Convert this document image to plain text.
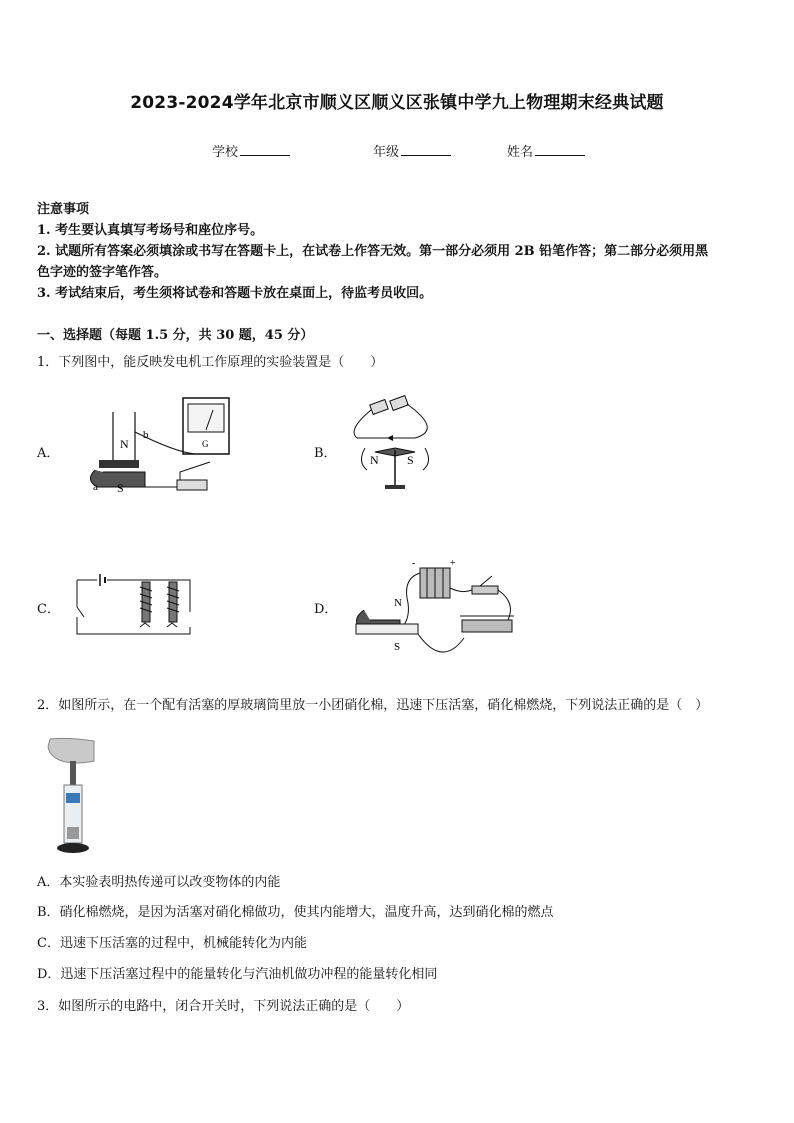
2023-2024学年北京市顺义区顺义区张镇中学九上物理期末经典试题
学校	年级	姓名
注意事项
1. 考生要认真填写考场号和座位序号。
2. 试题所有答案必须填涂或书写在答题卡上，在试卷上作答无效。第一部分必须用 2B 铅笔作答；第二部分必须用黑
色字迹的签字笔作答。
3. 考试结束后，考生须将试卷和答题卡放在桌面上，待监考员收回。
一、选择题（每题 1.5 分，共 30 题，45 分）
1．下列图中，能反映发电机工作原理的实验装置是（　　）
A．
N
b
a S
G
B．	N S
C．	D．
-	+
N
S
2．如图所示，在一个配有活塞的厚玻璃筒里放一小团硝化棉，迅速下压活塞，硝化棉燃烧，下列说法正确的是（　）
A．本实验表明热传递可以改变物体的内能
B．硝化棉燃烧，是因为活塞对硝化棉做功，使其内能增大，温度升高，达到硝化棉的燃点
C．迅速下压活塞的过程中，机械能转化为内能
D．迅速下压活塞过程中的能量转化与汽油机做功冲程的能量转化相同
3．如图所示的电路中，闭合开关时，下列说法正确的是（　　）
